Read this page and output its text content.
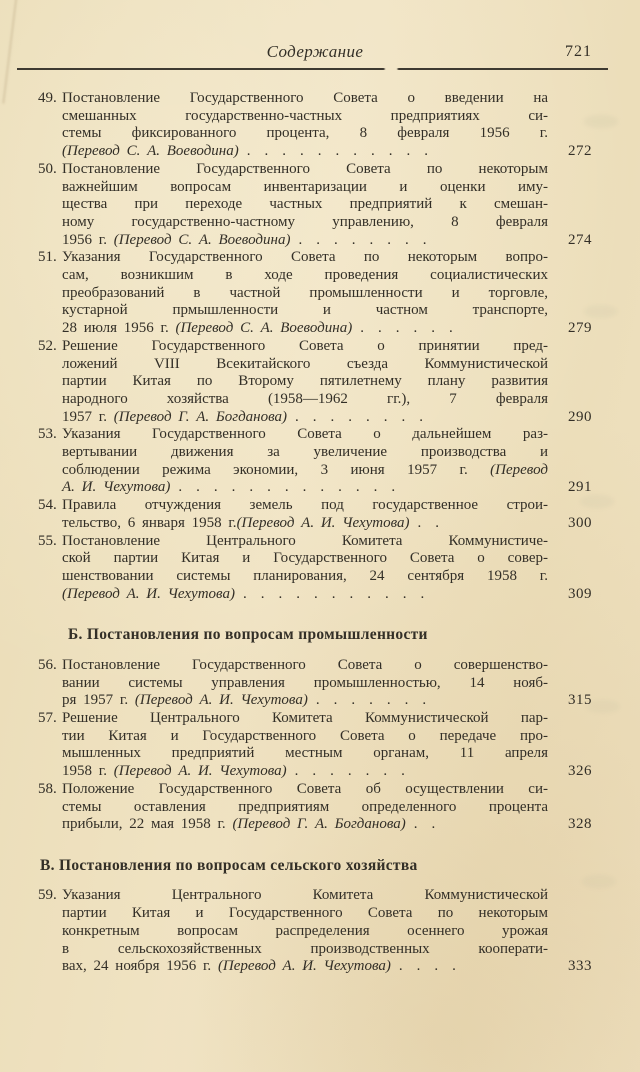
Содержание	721
49. Постановление Государственного Совета о введении на
смешанных государственно-частных предприятиях си-
стемы фиксированного процента, 8 февраля 1956 г.
(Перевод С. А. Воеводина) ...........	272
50. Постановление Государственного Совета по некоторым
важнейшим вопросам инвентаризации и оценки иму-
щества при переходе частных предприятий к смешан-
ному государственно-частному управлению, 8 февраля
1956 г. (Перевод С. А. Воеводина) ........	274
51. Указания Государственного Совета по некоторым вопро-
сам, возникшим в ходе проведения социалистических
преобразований в частной промышленности и торговле,
кустарной прмышленности и частном транспорте,
28 июля 1956 г. (Перевод С. А. Воеводина) ......	279
52. Решение Государственного Совета о принятии пред-
ложений VIII Всекитайского съезда Коммунистической
партии Китая по Второму пятилетнему плану развития
народного хозяйства (1958—1962 гг.), 7 февраля
1957 г. (Перевод Г. А. Богданова) ........	290
53. Указания Государственного Совета о дальнейшем раз-
вертывании движения за увеличение производства и
соблюдении режима экономии, 3 июня 1957 г. (Перевод
А. И. Чехутова) .............	291
54. Правила отчуждения земель под государственное строи-
тельство, 6 января 1958 г.(Перевод А. И. Чехутова) ..	300
55. Постановление Центрального Комитета Коммунистиче-
ской партии Китая и Государственного Совета о совер-
шенствовании системы планирования, 24 сентября 1958 г.
(Перевод А. И. Чехутова) ...........	309
Б. Постановления по вопросам промышленности
56. Постановление Государственного Совета о совершенство-
вании системы управления промышленностью, 14 нояб-
ря 1957 г. (Перевод А. И. Чехутова) .......	315
57. Решение Центрального Комитета Коммунистической пар-
тии Китая и Государственного Совета о передаче про-
мышленных предприятий местным органам, 11 апреля
1958 г. (Перевод А. И. Чехутова) .......	326
58. Положение Государственного Совета об осуществлении си-
стемы оставления предприятиям определенного процента
прибыли, 22 мая 1958 г. (Перевод Г. А. Богданова) ..	328
В. Постановления по вопросам сельского хозяйства
59. Указания Центрального Комитета Коммунистической
партии Китая и Государственного Совета по некоторым
конкретным вопросам распределения осеннего урожая
в сельскохозяйственных производственных кооперати-
вах, 24 ноября 1956 г. (Перевод А. И. Чехутова) ....	333
